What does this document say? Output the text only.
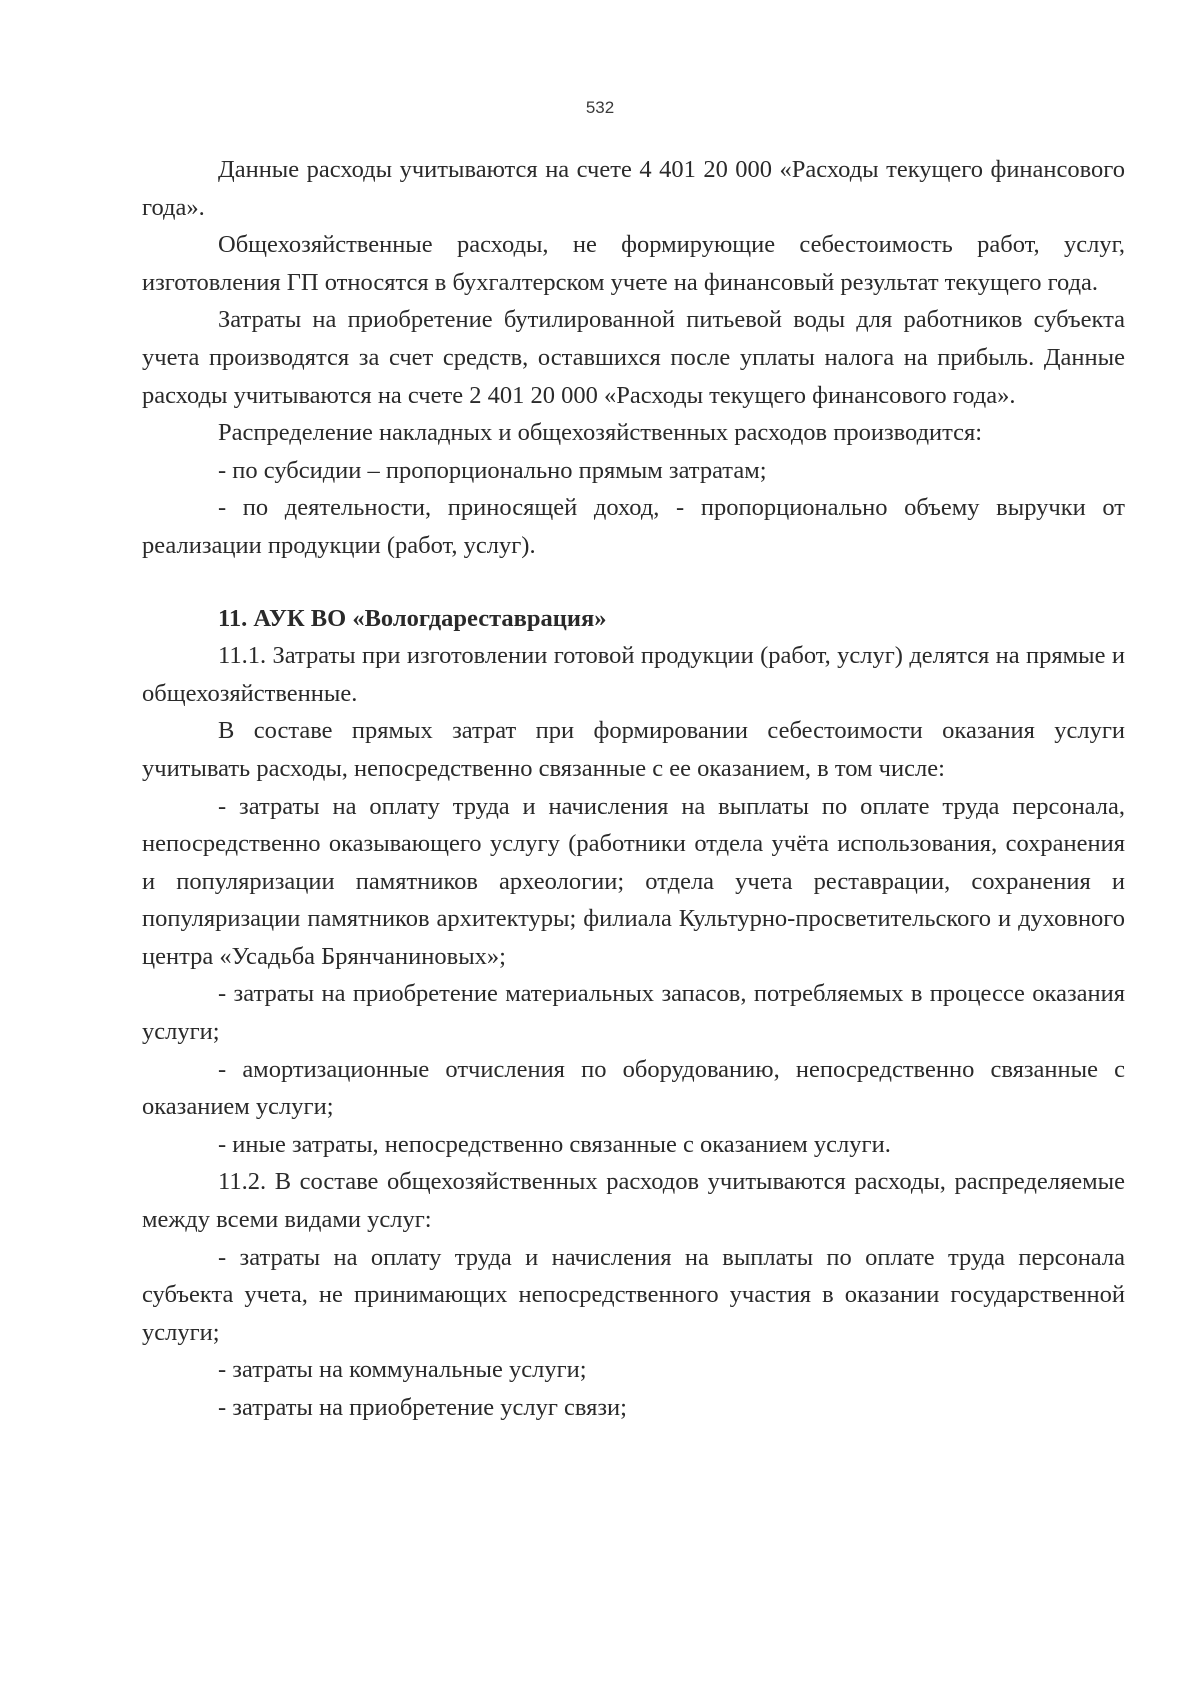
532

Данные расходы учитываются на счете 4 401 20 000 «Расходы текущего финансового года».

Общехозяйственные расходы, не формирующие себестоимость работ, услуг, изготовления ГП относятся в бухгалтерском учете на финансовый результат текущего года.

Затраты на приобретение бутилированной питьевой воды для работников субъекта учета производятся за счет средств, оставшихся после уплаты налога на прибыль. Данные расходы учитываются на счете 2 401 20 000 «Расходы текущего финансового года».

Распределение накладных и общехозяйственных расходов производится:

- по субсидии – пропорционально прямым затратам;

- по деятельности, приносящей доход, - пропорционально объему выручки от реализации продукции (работ, услуг).

11. АУК ВО «Вологдареставрация»

11.1. Затраты при изготовлении готовой продукции (работ, услуг) делятся на прямые и общехозяйственные.

В составе прямых затрат при формировании себестоимости оказания услуги учитывать расходы, непосредственно связанные с ее оказанием, в том числе:

- затраты на оплату труда и начисления на выплаты по оплате труда персонала, непосредственно оказывающего услугу (работники отдела учёта использования, сохранения и популяризации памятников археологии; отдела учета реставрации, сохранения и популяризации памятников архитектуры; филиала Культурно-просветительского и духовного центра «Усадьба Брянчаниновых»;

- затраты на приобретение материальных запасов, потребляемых в процессе оказания услуги;

- амортизационные отчисления по оборудованию, непосредственно связанные с оказанием услуги;

- иные затраты, непосредственно связанные с оказанием услуги.

11.2. В составе общехозяйственных расходов учитываются расходы, распределяемые между всеми видами услуг:

- затраты на оплату труда и начисления на выплаты по оплате труда персонала субъекта учета, не принимающих непосредственного участия в оказании государственной услуги;

- затраты на коммунальные услуги;

- затраты на приобретение услуг связи;
